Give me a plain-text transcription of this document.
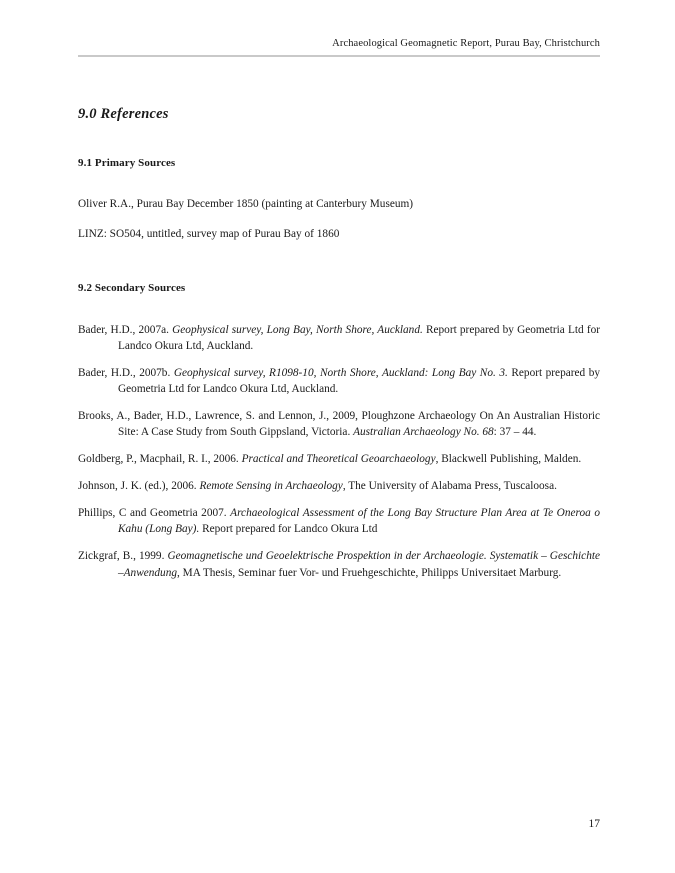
Archaeological Geomagnetic Report, Purau Bay, Christchurch
9.0 References
9.1 Primary Sources

Oliver R.A., Purau Bay December 1850 (painting at Canterbury Museum)

LINZ: SO504, untitled, survey map of Purau Bay of 1860

9.2 Secondary Sources

Bader, H.D., 2007a. Geophysical survey, Long Bay, North Shore, Auckland. Report prepared by Geometria Ltd for Landco Okura Ltd, Auckland.

Bader, H.D., 2007b. Geophysical survey, R1098-10, North Shore, Auckland: Long Bay No. 3. Report prepared by Geometria Ltd for Landco Okura Ltd, Auckland.

Brooks, A., Bader, H.D., Lawrence, S. and Lennon, J., 2009, Ploughzone Archaeology On An Australian Historic Site: A Case Study from South Gippsland, Victoria. Australian Archaeology No. 68: 37 – 44.

Goldberg, P., Macphail, R. I., 2006. Practical and Theoretical Geoarchaeology, Blackwell Publishing, Malden.

Johnson, J. K. (ed.), 2006. Remote Sensing in Archaeology, The University of Alabama Press, Tuscaloosa.

Phillips, C and Geometria 2007. Archaeological Assessment of the Long Bay Structure Plan Area at Te Oneroa o Kahu (Long Bay). Report prepared for Landco Okura Ltd

Zickgraf, B., 1999. Geomagnetische und Geoelektrische Prospektion in der Archaeologie. Systematik – Geschichte –Anwendung, MA Thesis, Seminar fuer Vor- und Fruehgeschichte, Philipps Universitaet Marburg.

17
